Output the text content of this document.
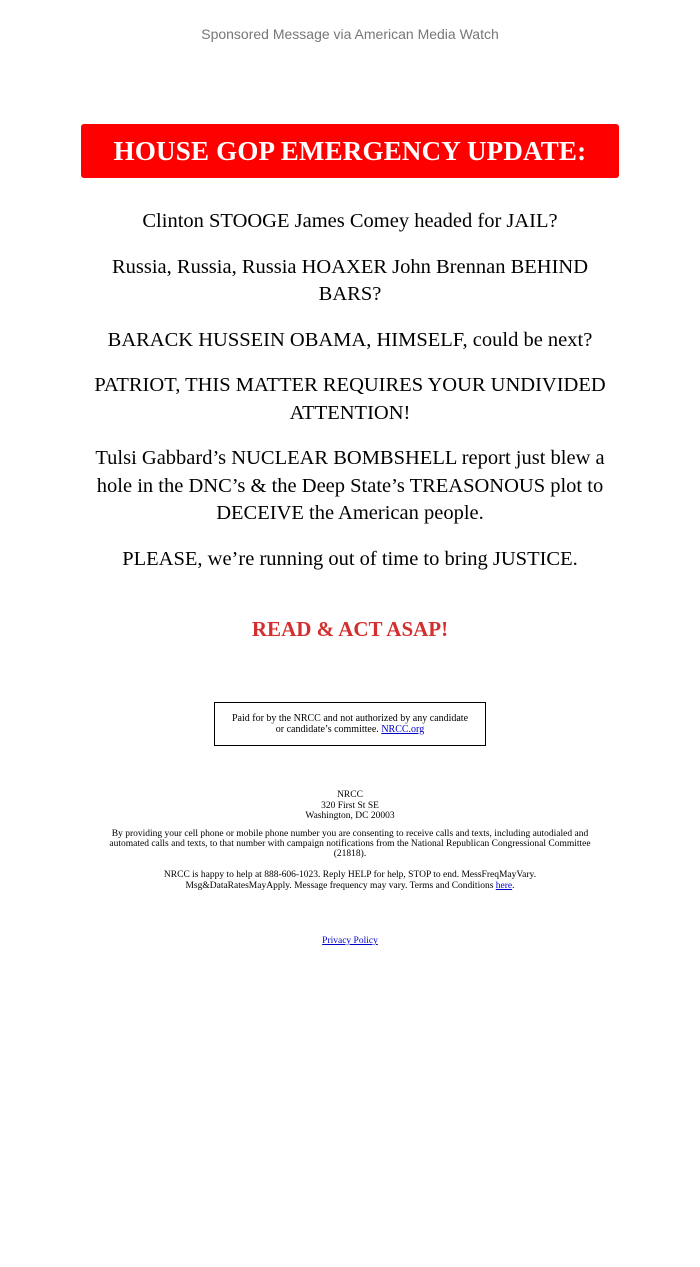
Sponsored Message via American Media Watch
HOUSE GOP EMERGENCY UPDATE:

Clinton STOOGE James Comey headed for JAIL?

Russia, Russia, Russia HOAXER John Brennan BEHIND BARS?

BARACK HUSSEIN OBAMA, HIMSELF, could be next?

PATRIOT, THIS MATTER REQUIRES YOUR UNDIVIDED ATTENTION!

Tulsi Gabbard’s NUCLEAR BOMBSHELL report just blew a hole in the DNC’s & the Deep State’s TREASONOUS plot to DECEIVE the American people.

PLEASE, we’re running out of time to bring JUSTICE.

READ & ACT ASAP!
Paid for by the NRCC and not authorized by any candidate or candidate’s committee. NRCC.org
NRCC
320 First St SE
Washington, DC 20003
By providing your cell phone or mobile phone number you are consenting to receive calls and texts, including autodialed and automated calls and texts, to that number with campaign notifications from the National Republican Congressional Committee (21818).
NRCC is happy to help at 888-606-1023. Reply HELP for help, STOP to end. MessFreqMayVary. Msg&DataRatesMayApply. Message frequency may vary. Terms and Conditions here.
Privacy Policy
